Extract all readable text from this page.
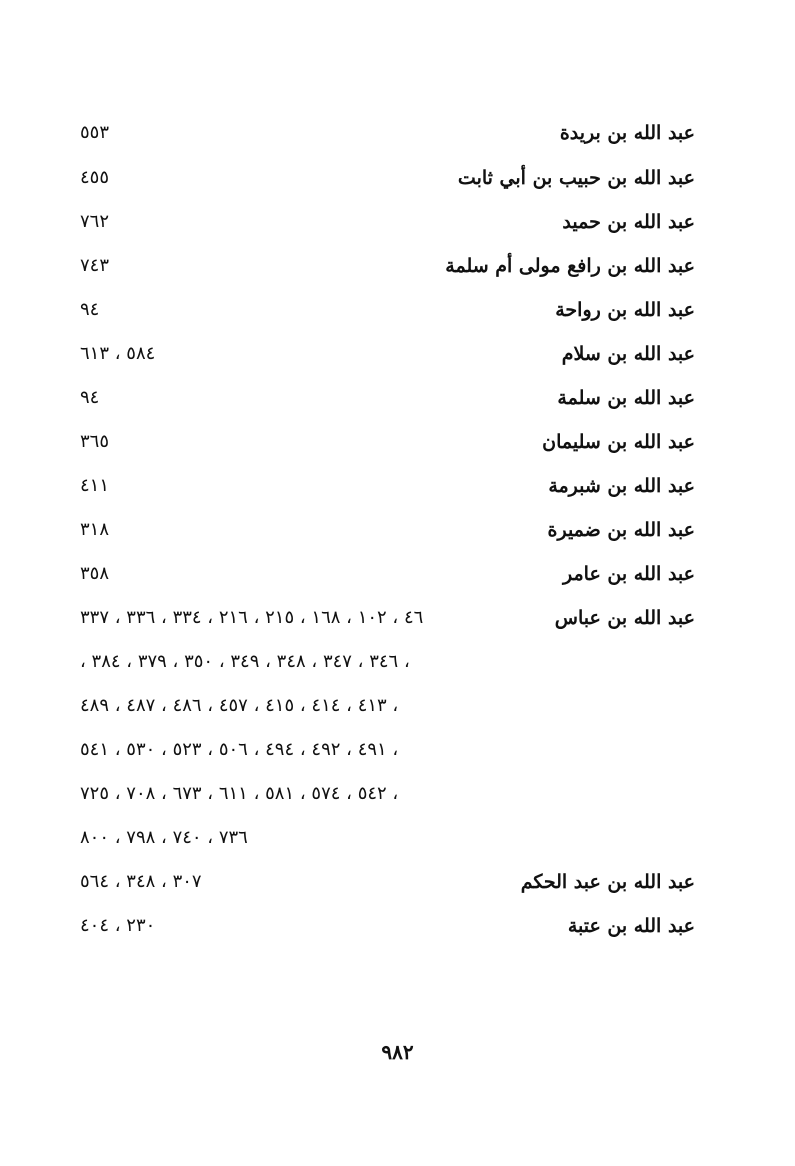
عبد الله بن بريدة
٥٥٣
عبد الله بن حبيب بن أبي ثابت
٤٥٥
عبد الله بن حميد
٧٦٢
عبد الله بن رافع مولى أم سلمة
٧٤٣
عبد الله بن رواحة
٩٤
عبد الله بن سلام
٥٨٤ ، ٦١٣
عبد الله بن سلمة
٩٤
عبد الله بن سليمان
٣٦٥
عبد الله بن شبرمة
٤١١
عبد الله بن ضميرة
٣١٨
عبد الله بن عامر
٣٥٨
عبد الله بن عباس
٤٦ ، ١٠٢ ، ١٦٨ ، ٢١٥ ، ٢١٦ ، ٣٣٤ ، ٣٣٦ ، ٣٣٧
، ٣٤٦ ، ٣٤٧ ، ٣٤٨ ، ٣٤٩ ، ٣٥٠ ، ٣٧٩ ، ٣٨٤ ،
٤١٣ ، ٤١٤ ، ٤١٥ ، ٤٥٧ ، ٤٨٦ ، ٤٨٧ ، ٤٨٩ ،
٤٩١ ، ٤٩٢ ، ٤٩٤ ، ٥٠٦ ، ٥٢٣ ، ٥٣٠ ، ٥٤١ ،
٥٤٢ ، ٥٧٤ ، ٥٨١ ، ٦١١ ، ٦٧٣ ، ٧٠٨ ، ٧٢٥ ،
٧٣٦ ، ٧٤٠ ، ٧٩٨ ، ٨٠٠
عبد الله بن عبد الحكم
٣٠٧ ، ٣٤٨ ، ٥٦٤
عبد الله بن عتبة
٢٣٠ ، ٤٠٤
٩٨٢
